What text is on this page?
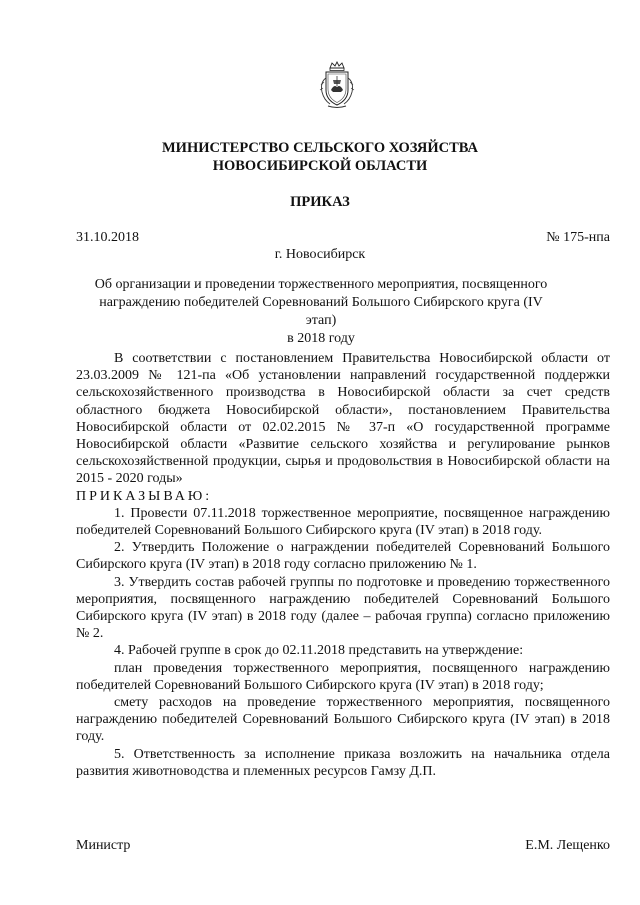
МИНИСТЕРСТВО СЕЛЬСКОГО ХОЗЯЙСТВА
НОВОСИБИРСКОЙ ОБЛАСТИ
ПРИКАЗ
31.10.2018	№ 175-нпа
г. Новосибирск
Об организации и проведении торжественного мероприятия, посвященного
награждению победителей Соревнований Большого Сибирского круга (IV этап)
в 2018 году

В соответствии с постановлением Правительства Новосибирской области от 23.03.2009 № 121-па «Об установлении направлений государственной поддержки сельскохозяйственного производства в Новосибирской области за счет средств областного бюджета Новосибирской области», постановлением Правительства Новосибирской области от 02.02.2015 № 37-п «О государственной программе Новосибирской области «Развитие сельского хозяйства и регулирование рынков сельскохозяйственной продукции, сырья и продовольствия в Новосибирской области на 2015 - 2020 годы»

ПРИКАЗЫВАЮ:

1. Провести 07.11.2018 торжественное мероприятие, посвященное награждению победителей Соревнований Большого Сибирского круга (IV этап) в 2018 году.

2. Утвердить Положение о награждении победителей Соревнований Большого Сибирского круга (IV этап) в 2018 году согласно приложению № 1.

3. Утвердить состав рабочей группы по подготовке и проведению торжественного мероприятия, посвященного награждению победителей Соревнований Большого Сибирского круга (IV этап) в 2018 году (далее – рабочая группа) согласно приложению № 2.

4. Рабочей группе в срок до 02.11.2018 представить на утверждение:

план проведения торжественного мероприятия, посвященного награждению победителей Соревнований Большого Сибирского круга (IV этап) в 2018 году;

смету расходов на проведение торжественного мероприятия, посвященного награждению победителей Соревнований Большого Сибирского круга (IV этап) в 2018 году.

5. Ответственность за исполнение приказа возложить на начальника отдела развития животноводства и племенных ресурсов Гамзу Д.П.

Министр	Е.М. Лещенко
